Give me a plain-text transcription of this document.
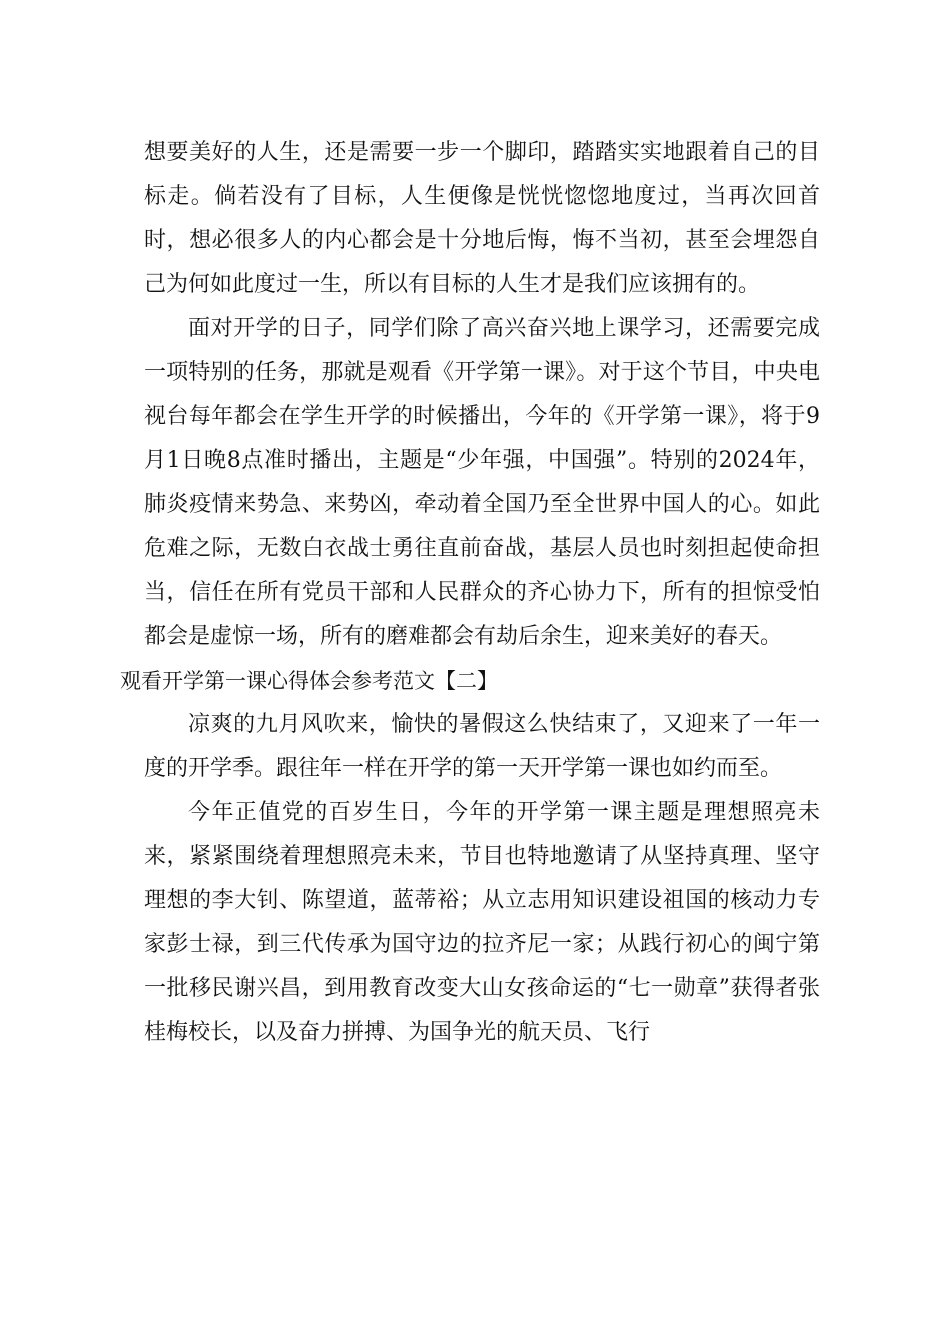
想要美好的人生，还是需要一步一个脚印，踏踏实实地跟着自己的目标走。倘若没有了目标，人生便像是恍恍惚惚地度过，当再次回首时，想必很多人的内心都会是十分地后悔，悔不当初，甚至会埋怨自己为何如此度过一生，所以有目标的人生才是我们应该拥有的。

面对开学的日子，同学们除了高兴奋兴地上课学习，还需要完成一项特别的任务，那就是观看《开学第一课》。对于这个节目，中央电视台每年都会在学生开学的时候播出，今年的《开学第一课》，将于9月1日晚8点准时播出，主题是“少年强，中国强”。特别的2024年，肺炎疫情来势急、来势凶，牵动着全国乃至全世界中国人的心。如此危难之际，无数白衣战士勇往直前奋战，基层人员也时刻担起使命担当，信任在所有党员干部和人民群众的齐心协力下，所有的担惊受怕都会是虚惊一场，所有的磨难都会有劫后余生，迎来美好的春天。

观看开学第一课心得体会参考范文【二】

凉爽的九月风吹来，愉快的暑假这么快结束了，又迎来了一年一度的开学季。跟往年一样在开学的第一天开学第一课也如约而至。

今年正值党的百岁生日，今年的开学第一课主题是理想照亮未来，紧紧围绕着理想照亮未来，节目也特地邀请了从坚持真理、坚守理想的李大钊、陈望道，蓝蒂裕；从立志用知识建设祖国的核动力专家彭士禄，到三代传承为国守边的拉齐尼一家；从践行初心的闽宁第一批移民谢兴昌，到用教育改变大山女孩命运的“七一勋章”获得者张桂梅校长，以及奋力拼搏、为国争光的航天员、飞行
